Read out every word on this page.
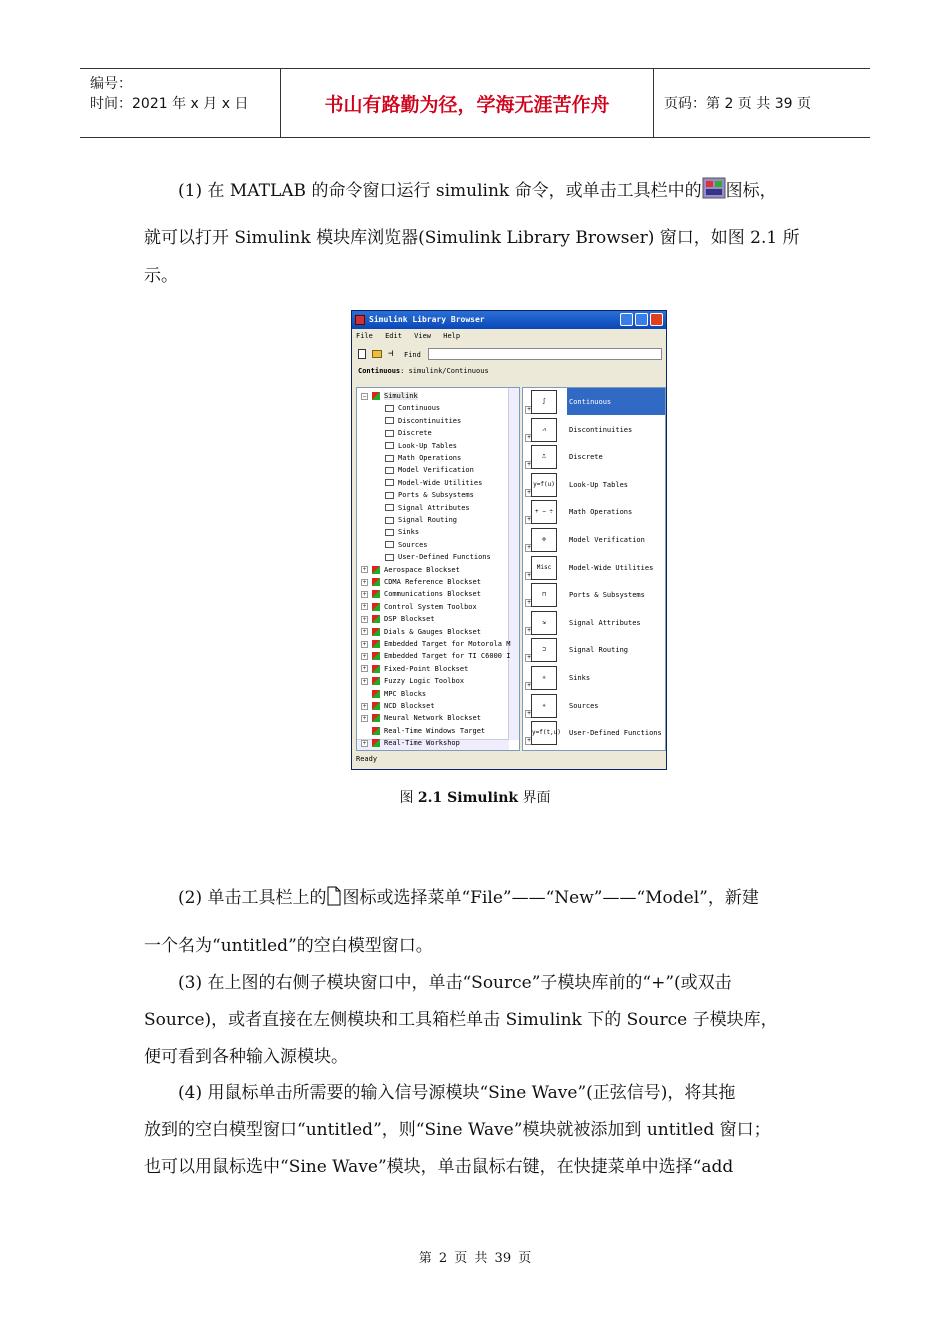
编号：
时间：2021 年 x 月 x 日	书山有路勤为径，学海无涯苦作舟	页码：第 2 页 共 39 页
(1) 在 MATLAB 的命令窗口运行 simulink 命令，或单击工具栏中的 图标，
就可以打开 Simulink 模块库浏览器(Simulink Library Browser) 窗口，如图 2.1 所
示。
Simulink Library Browser
File Edit View Help
⊣ Find
Continuous: simulink/Continuous
−	Simulink
Continuous
Discontinuities
Discrete
Look-Up Tables
Math Operations
Model Verification
Model-Wide Utilities
Ports & Subsystems
Signal Attributes
Signal Routing
Sinks
Sources
User-Defined Functions
+	Aerospace Blockset
+	CDMA Reference Blockset
+	Communications Blockset
+	Control System Toolbox
+	DSP Blockset
+	Dials & Gauges Blockset
+	Embedded Target for Motorola M
+	Embedded Target for TI C6000 I
+	Fixed-Point Blockset
+	Fuzzy Logic Toolbox
MPC Blocks
+	NCD Blockset
+	Neural Network Blockset
Real-Time Windows Target
+	Real-Time Workshop
+
∫	Continuous
+
⩘	Discontinuities
+
⎍	Discrete
+
y=f(u)	Look-Up Tables
+
+ − ÷	Math Operations
+
⊗	Model Verification
+
Misc	Model-Wide Utilities
+
⊓	Ports & Subsystems
+
⇲	Signal Attributes
+
⊐	Signal Routing
+
✳	Sinks
+
✳	Sources
+
y=f(t,u) User-Defined Functions
Ready
图 2.1 Simulink 界面
(2) 单击工具栏上的 图标或选择菜单“File”——“New”——“Model”，新建
一个名为“untitled”的空白模型窗口。
(3) 在上图的右侧子模块窗口中，单击“Source”子模块库前的“+”(或双击
Source)，或者直接在左侧模块和工具箱栏单击 Simulink 下的 Source 子模块库，
便可看到各种输入源模块。
(4) 用鼠标单击所需要的输入信号源模块“Sine Wave”(正弦信号)，将其拖
放到的空白模型窗口“untitled”，则“Sine Wave”模块就被添加到 untitled 窗口；
也可以用鼠标选中“Sine Wave”模块，单击鼠标右键，在快捷菜单中选择“add
第 2 页 共 39 页
